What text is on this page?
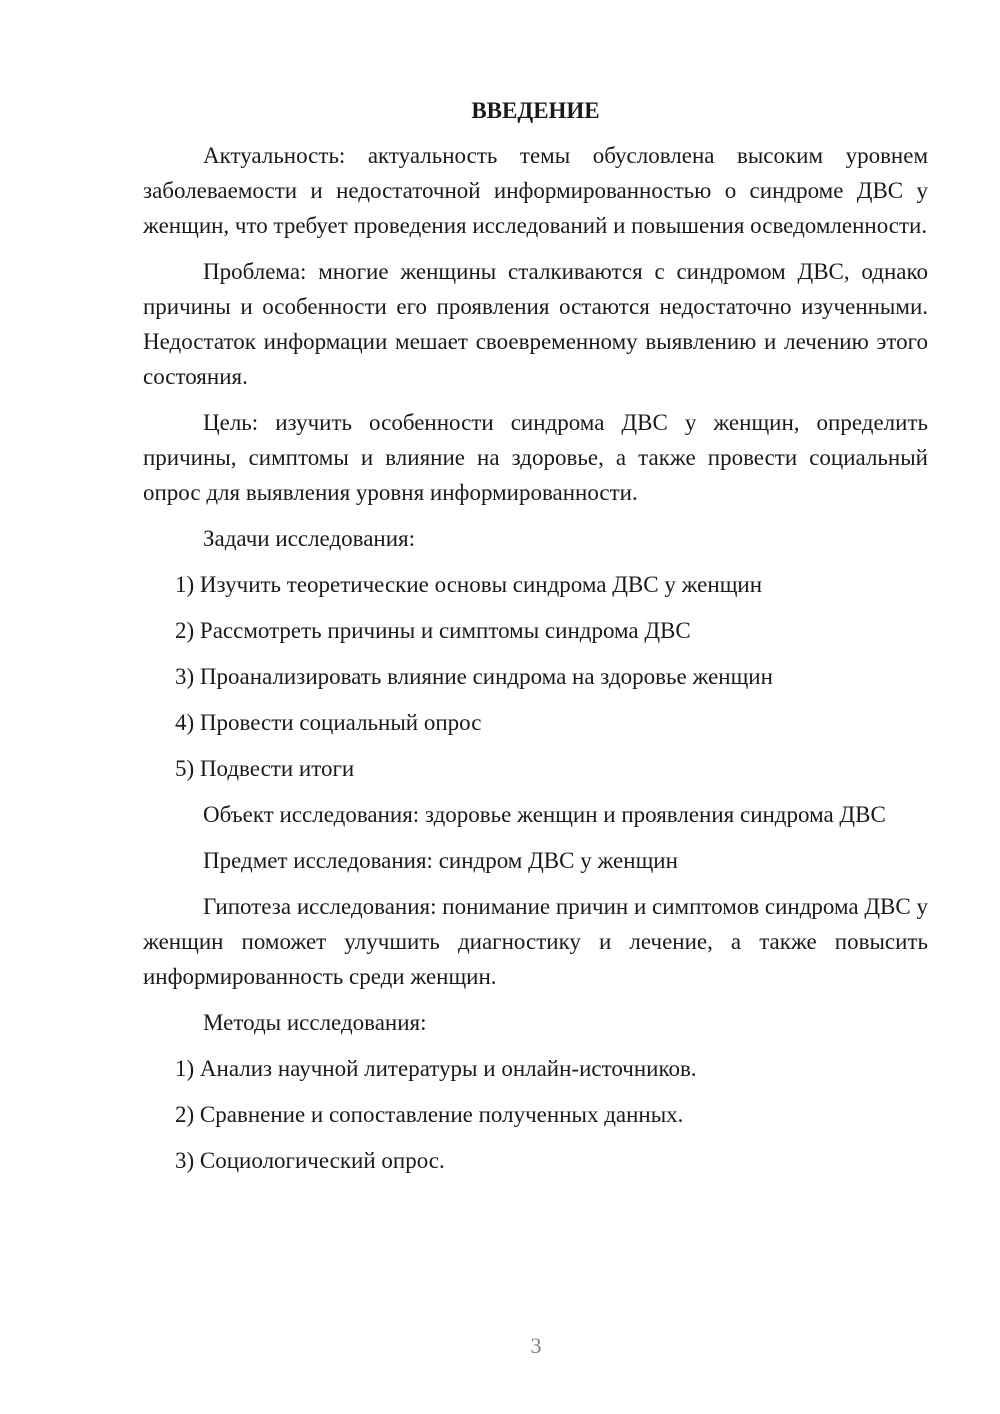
ВВЕДЕНИЕ

Актуальность: актуальность темы обусловлена высоким уровнем заболеваемости и недостаточной информированностью о синдроме ДВС у женщин, что требует проведения исследований и повышения осведомленности.

Проблема: многие женщины сталкиваются с синдромом ДВС, однако причины и особенности его проявления остаются недостаточно изученными. Недостаток информации мешает своевременному выявлению и лечению этого состояния.

Цель: изучить особенности синдрома ДВС у женщин, определить причины, симптомы и влияние на здоровье, а также провести социальный опрос для выявления уровня информированности.

Задачи исследования:

1) Изучить теоретические основы синдрома ДВС у женщин
2) Рассмотреть причины и симптомы синдрома ДВС
3) Проанализировать влияние синдрома на здоровье женщин
4) Провести социальный опрос
5) Подвести итоги

Объект исследования: здоровье женщин и проявления синдрома ДВС

Предмет исследования: синдром ДВС у женщин

Гипотеза исследования: понимание причин и симптомов синдрома ДВС у женщин поможет улучшить диагностику и лечение, а также повысить информированность среди женщин.

Методы исследования:

1) Анализ научной литературы и онлайн-источников.
2) Сравнение и сопоставление полученных данных.
3) Социологический опрос.
3
